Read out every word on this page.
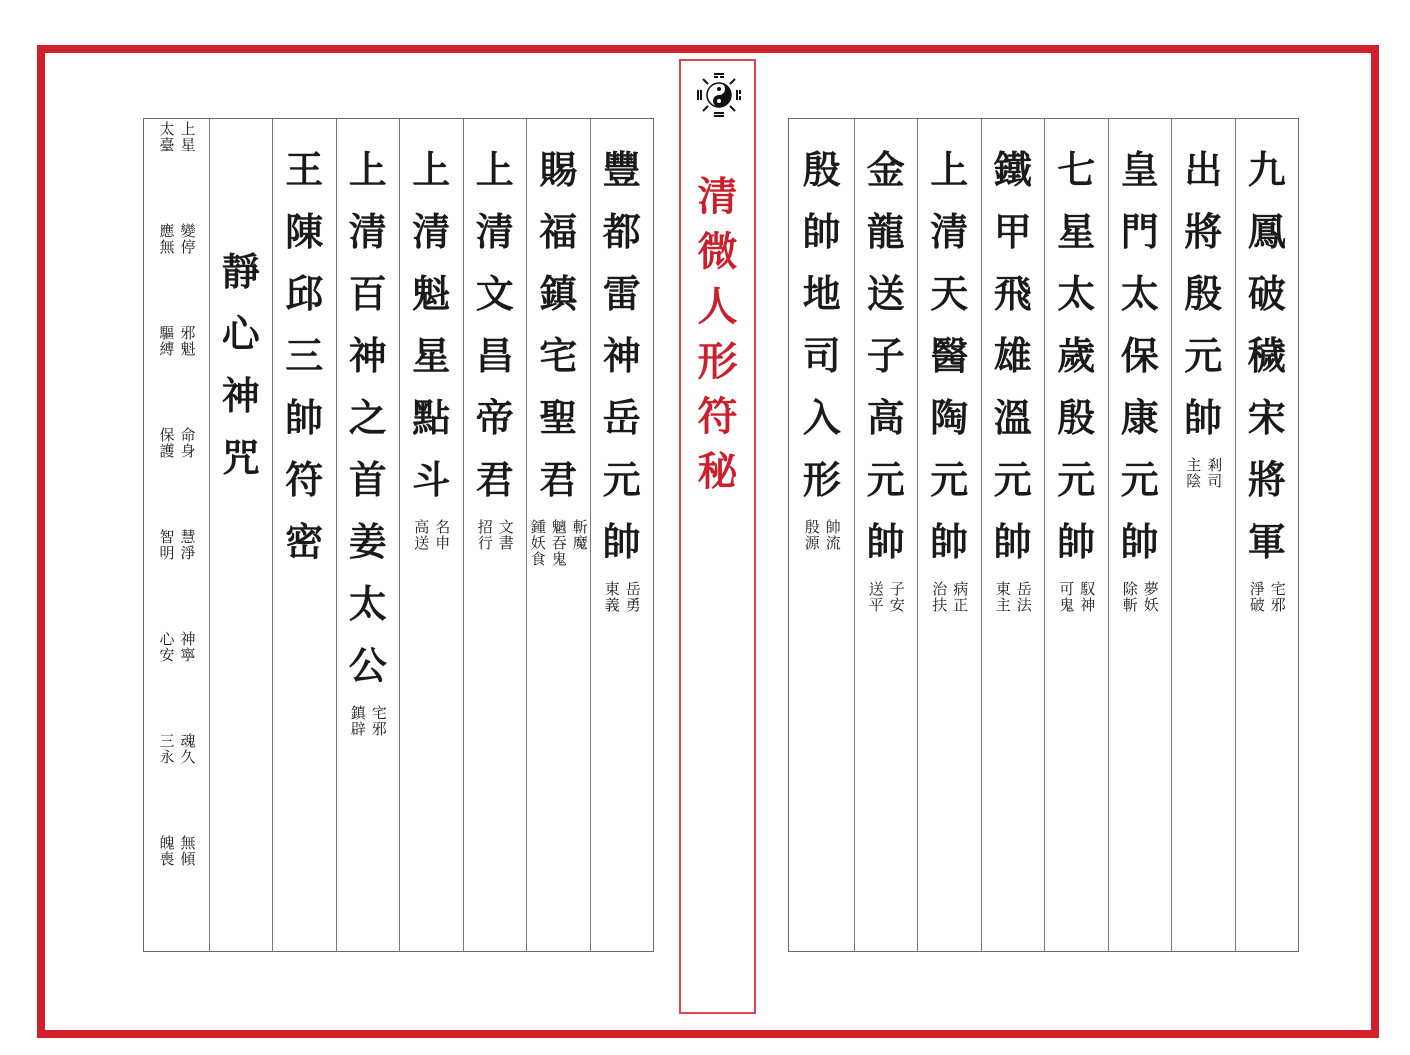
九
鳳
破
穢
宋
將
軍
宅邪
淨破
出
將
殷
元
帥
剎司
主陰
皇
門
太
保
康
元
帥
夢妖
除斬
七
星
太
歲
殷
元
帥
馭神
可鬼
鐵
甲
飛
雄
溫
元
帥
岳法
東主
上
清
天
醫
陶
元
帥
病正
治扶
金
龍
送
子
高
元
帥
子安
送平
殷
帥
地
司
入
形
帥流
殷源
豐
都
雷
神
岳
元
帥
岳勇
東義
賜
福
鎮
宅
聖
君
斬魔
魑吞鬼
鍾妖食
上
清
文
昌
帝
君
文書
招行
上
清
魁
星
點
斗
名申
高送
上
清
百
神
之
首
姜
太
公
宅邪
鎮辟
王
陳
邱
三
帥
符
密
靜
心
神
咒
上星
太臺
變停
應無
邪魁
驅縛
命身
保護
慧淨
智明
神寧
心安
魂久
三永
無傾
魄喪
清
微
人
形
符
秘
